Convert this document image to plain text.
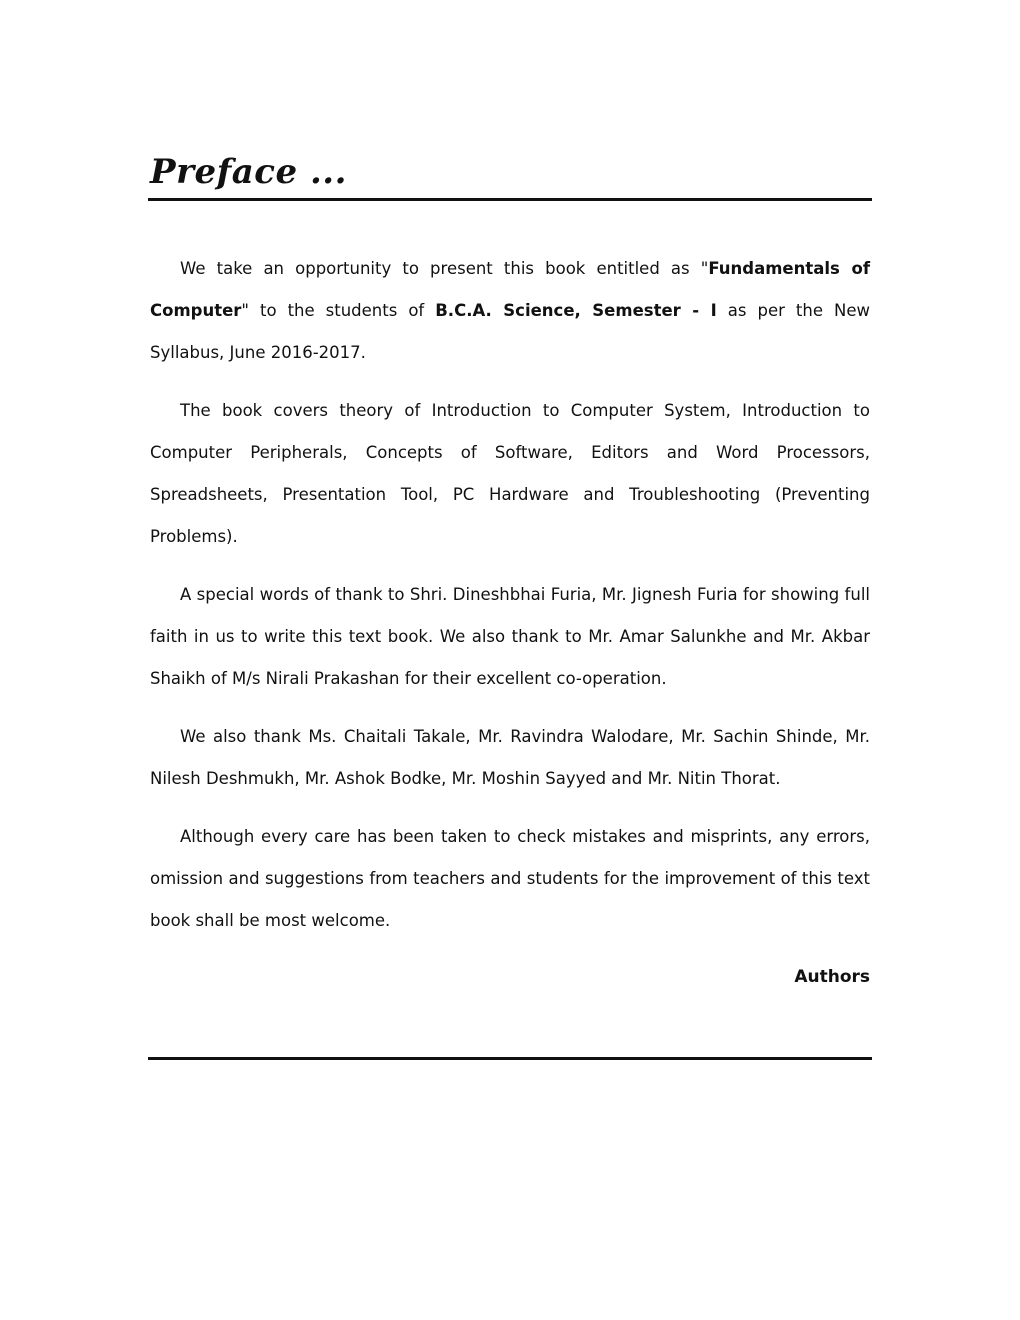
Preface ...

We take an opportunity to present this book entitled as "Fundamentals of Computer" to the students of B.C.A. Science, Semester - I as per the New Syllabus, June 2016-2017.

The book covers theory of Introduction to Computer System, Introduction to Computer Peripherals, Concepts of Software, Editors and Word Processors, Spreadsheets, Presentation Tool, PC Hardware and Troubleshooting (Preventing Problems).

A special words of thank to Shri. Dineshbhai Furia, Mr. Jignesh Furia for showing full faith in us to write this text book. We also thank to Mr. Amar Salunkhe and Mr. Akbar Shaikh of M/s Nirali Prakashan for their excellent co-operation.

We also thank Ms. Chaitali Takale, Mr. Ravindra Walodare, Mr. Sachin Shinde, Mr. Nilesh Deshmukh, Mr. Ashok Bodke, Mr. Moshin Sayyed and Mr. Nitin Thorat.

Although every care has been taken to check mistakes and misprints, any errors, omission and suggestions from teachers and students for the improvement of this text book shall be most welcome.

Authors
